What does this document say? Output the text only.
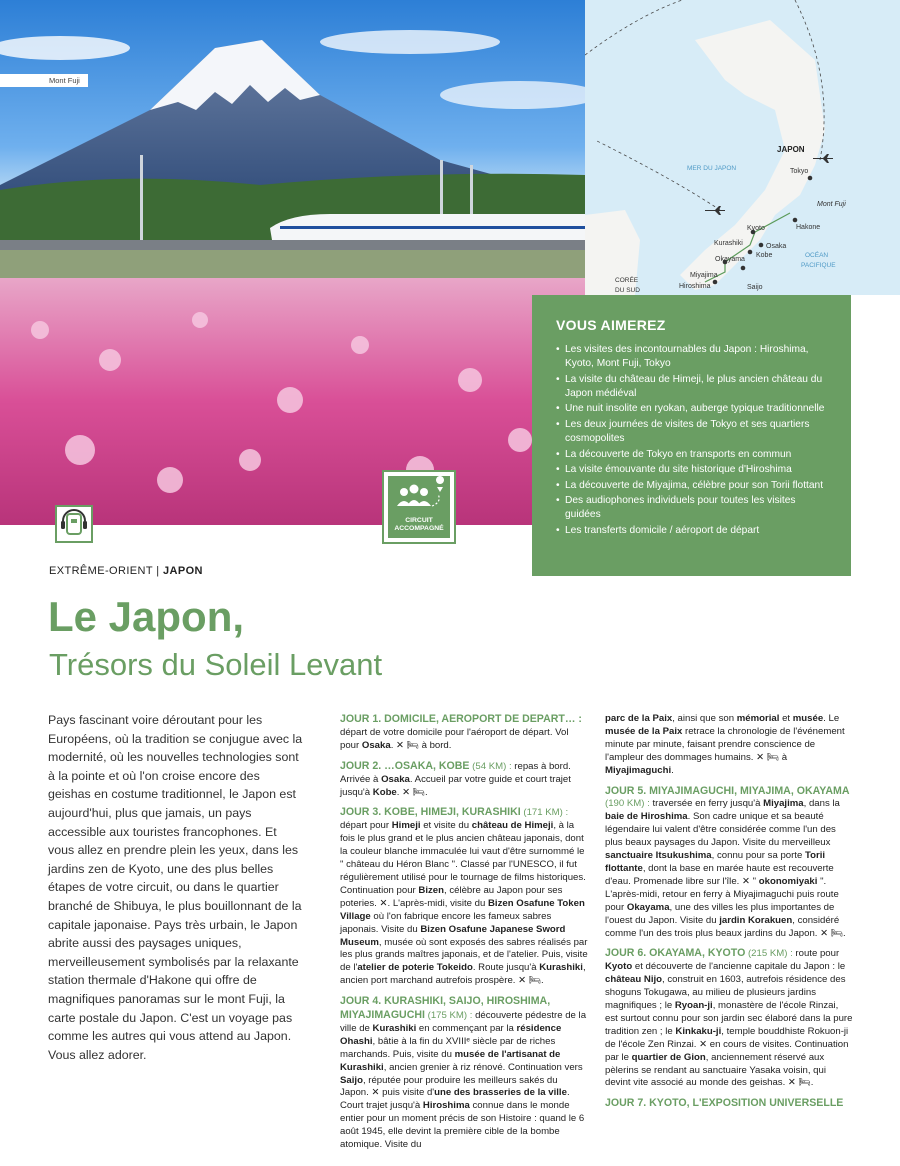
Mont Fuji
JAPON
MER DU JAPON
CORÉE
DU SUD
OCÉAN
PACIFIQUE
Tokyo
Mont Fuji
Hakone
Kyoto
Osaka
Kobe
Kurashiki
Okayama
Miyajima
Hiroshima	Saijo
VOUS AIMEREZ
• Les visites des incontournables du Japon : Hiroshima, Kyoto, Mont Fuji, Tokyo
• La visite du château de Himeji, le plus ancien château du Japon médiéval
• Une nuit insolite en ryokan, auberge typique traditionnelle
• Les deux journées de visites de Tokyo et ses quartiers cosmopolites
• La découverte de Tokyo en transports en commun
• La visite émouvante du site historique d'Hiroshima
• La découverte de Miyajima, célèbre pour son Torii flottant
• Des audiophones individuels pour toutes les visites guidées
• Les transferts domicile / aéroport de départ
CIRCUIT
ACCOMPAGNÉ
EXTRÊME-ORIENT | JAPON
Le Japon,
Trésors du Soleil Levant

Pays fascinant voire déroutant pour les Européens, où la tradition se conjugue avec la modernité, où les nouvelles technologies sont à la pointe et où l'on croise encore des geishas en costume traditionnel, le Japon est aujourd'hui, plus que jamais, un pays accessible aux touristes francophones. Et vous allez en prendre plein les yeux, dans les jardins zen de Kyoto, une des plus belles étapes de votre circuit, ou dans le quartier branché de Shibuya, le plus bouillonnant de la capitale japonaise. Pays très urbain, le Japon abrite aussi des paysages uniques, merveilleusement symbolisés par la relaxante station thermale d'Hakone qui offre de magnifiques panoramas sur le mont Fuji, la carte postale du Japon. C'est un voyage pas comme les autres qui vous attend au Japon. Vous allez adorer.

JOUR 1. DOMICILE, AEROPORT DE DEPART… : départ de votre domicile pour l'aéroport de départ. Vol pour Osaka. ✕ 🛏 à bord.

JOUR 2. …OSAKA, KOBE (54 KM) : repas à bord. Arrivée à Osaka. Accueil par votre guide et court trajet jusqu'à Kobe. ✕ 🛏.

JOUR 3. KOBE, HIMEJI, KURASHIKI (171 KM) : départ pour Himeji et visite du château de Himeji, à la fois le plus grand et le plus ancien château japonais, dont la couleur blanche immaculée lui vaut d'être surnommé le " château du Héron Blanc ". Classé par l'UNESCO, il fut régulièrement utilisé pour le tournage de films historiques. Continuation pour Bizen, célèbre au Japon pour ses poteries. ✕. L'après-midi, visite du Bizen Osafune Token Village où l'on fabrique encore les fameux sabres japonais. Visite du Bizen Osafune Japanese Sword Museum, musée où sont exposés des sabres réalisés par les plus grands maîtres japonais, et de l'atelier. Puis, visite de l'atelier de poterie Tokeido. Route jusqu'à Kurashiki, ancien port marchand autrefois prospère. ✕ 🛏.

JOUR 4. KURASHIKI, SAIJO, HIROSHIMA, MIYAJIMAGUCHI (175 KM) : découverte pédestre de la ville de Kurashiki en commençant par la résidence Ohashi, bâtie à la fin du XVIIIᵉ siècle par de riches marchands. Puis, visite du musée de l'artisanat de Kurashiki, ancien grenier à riz rénové. Continuation vers Saijo, réputée pour produire les meilleurs sakés du Japon. ✕ puis visite d'une des brasseries de la ville. Court trajet jusqu'à Hiroshima connue dans le monde entier pour un moment précis de son Histoire : quand le 6 août 1945, elle devint la première cible de la bombe atomique. Visite du

parc de la Paix, ainsi que son mémorial et musée. Le musée de la Paix retrace la chronologie de l'événement minute par minute, faisant prendre conscience de l'ampleur des dommages humains. ✕ 🛏 à Miyajimaguchi.

JOUR 5. MIYAJIMAGUCHI, MIYAJIMA, OKAYAMA (190 KM) : traversée en ferry jusqu'à Miyajima, dans la baie de Hiroshima. Son cadre unique et sa beauté légendaire lui valent d'être considérée comme l'un des plus beaux paysages du Japon. Visite du merveilleux sanctuaire Itsukushima, connu pour sa porte Torii flottante, dont la base en marée haute est recouverte d'eau. Promenade libre sur l'île. ✕ " okonomiyaki ". L'après-midi, retour en ferry à Miyajimaguchi puis route pour Okayama, une des villes les plus importantes de l'ouest du Japon. Visite du jardin Korakuen, considéré comme l'un des trois plus beaux jardins du Japon. ✕ 🛏.

JOUR 6. OKAYAMA, KYOTO (215 KM) : route pour Kyoto et découverte de l'ancienne capitale du Japon : le château Nijo, construit en 1603, autrefois résidence des shoguns Tokugawa, au milieu de plusieurs jardins magnifiques ; le Ryoan-ji, monastère de l'école Rinzai, est surtout connu pour son jardin sec élaboré dans la pure tradition zen ; le Kinkaku-ji, temple bouddhiste Rokuon-ji de l'école Zen Rinzai. ✕ en cours de visites. Continuation par le quartier de Gion, anciennement réservé aux pèlerins se rendant au sanctuaire Yasaka voisin, qui devint vite associé au monde des geishas. ✕ 🛏.

JOUR 7. KYOTO, L'EXPOSITION UNIVERSELLE
